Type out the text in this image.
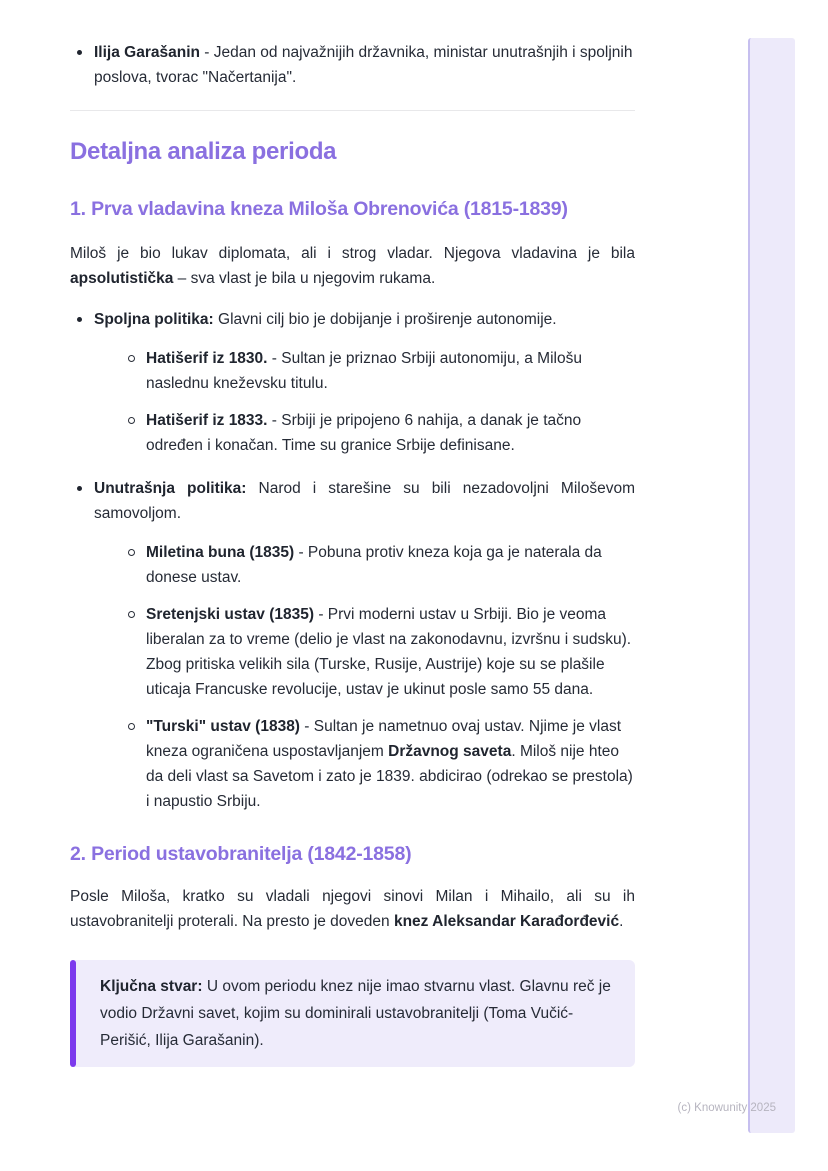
Ilija Garašanin - Jedan od najvažnijih državnika, ministar unutrašnjih i spoljnih poslova, tvorac "Načertanija".
Detaljna analiza perioda
1. Prva vladavina kneza Miloša Obrenovića (1815-1839)

Miloš je bio lukav diplomata, ali i strog vladar. Njegova vladavina je bila apsolutistička – sva vlast je bila u njegovim rukama.

Spoljna politika: Glavni cilj bio je dobijanje i proširenje autonomije.
Hatišerif iz 1830. - Sultan je priznao Srbiji autonomiju, a Milošu naslednu kneževsku titulu.
Hatišerif iz 1833. - Srbiji je pripojeno 6 nahija, a danak je tačno određen i konačan. Time su granice Srbije definisane.
Unutrašnja politika: Narod i starešine su bili nezadovoljni Miloševom samovoljom.
Miletina buna (1835) - Pobuna protiv kneza koja ga je naterala da donese ustav.
Sretenjski ustav (1835) - Prvi moderni ustav u Srbiji. Bio je veoma liberalan za to vreme (delio je vlast na zakonodavnu, izvršnu i sudsku). Zbog pritiska velikih sila (Turske, Rusije, Austrije) koje su se plašile uticaja Francuske revolucije, ustav je ukinut posle samo 55 dana.
"Turski" ustav (1838) - Sultan je nametnuo ovaj ustav. Njime je vlast kneza ograničena uspostavljanjem Državnog saveta. Miloš nije hteo da deli vlast sa Savetom i zato je 1839. abdicirao (odrekao se prestola) i napustio Srbiju.
2. Period ustavobranitelja (1842-1858)

Posle Miloša, kratko su vladali njegovi sinovi Milan i Mihailo, ali su ih ustavobranitelji proterali. Na presto je doveden knez Aleksandar Karađorđević.

Ključna stvar: U ovom periodu knez nije imao stvarnu vlast. Glavnu reč je vodio Državni savet, kojim su dominirali ustavobranitelji (Toma Vučić-Perišić, Ilija Garašanin).

(c) Knowunity 2025
